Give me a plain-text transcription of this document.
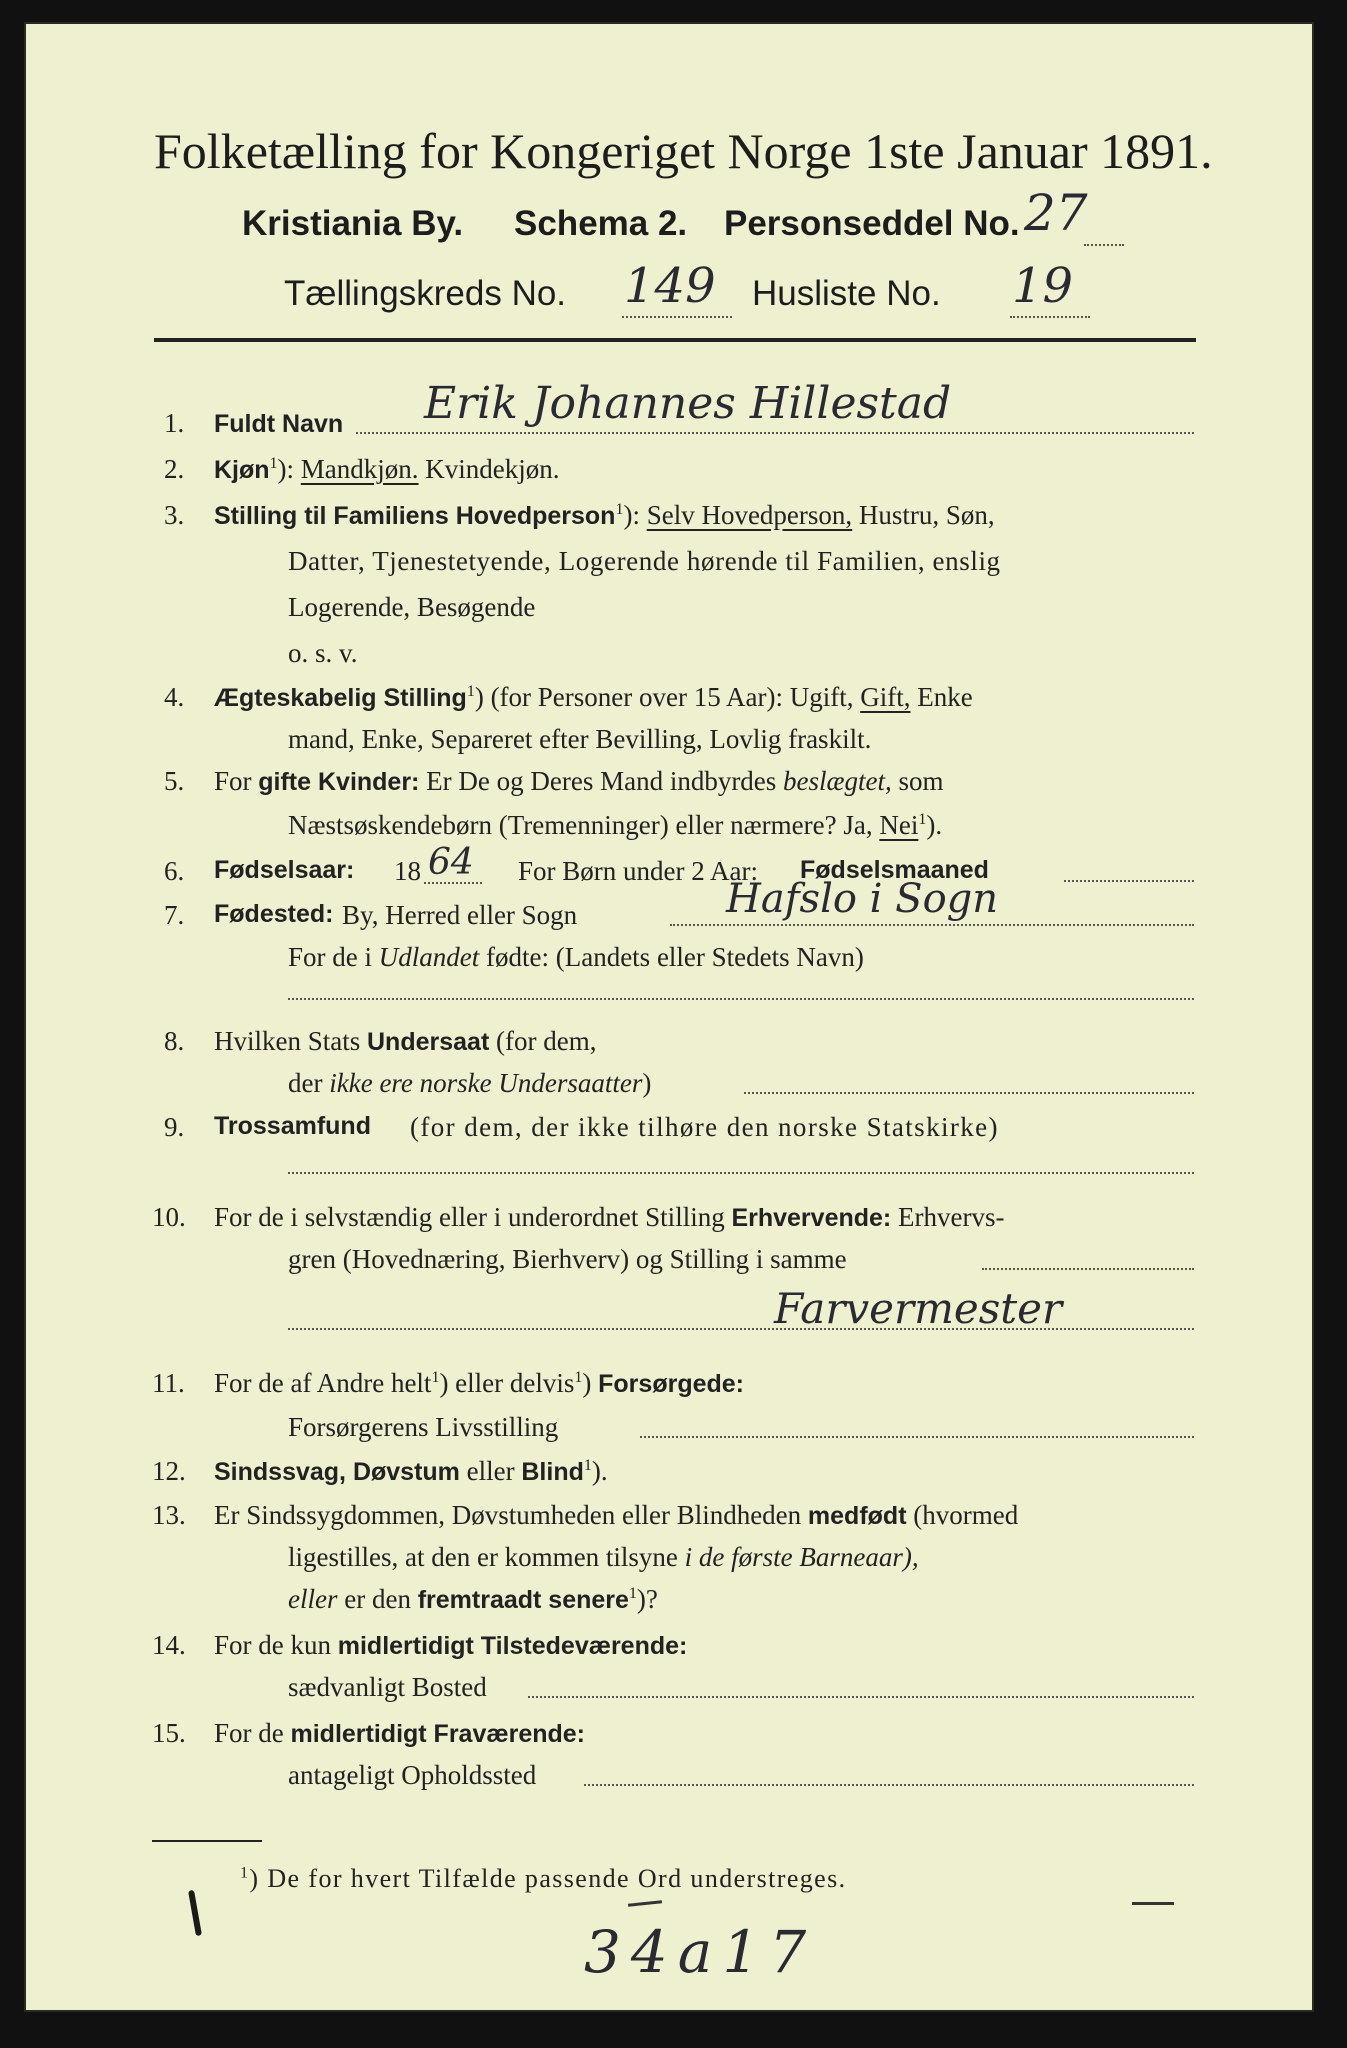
Folketælling for Kongeriget Norge 1ste Januar 1891.
Kristiania By. Schema 2. Personseddel No. 27
Tællingskreds No. 149 Husliste No. 19
1. Fuldt Navn Erik Johannes Hillestad
2. Kjøn$^1$): Mandkjøn. Kvindekjøn.
3. Stilling til Familiens Hovedperson$^1$): Selv Hovedperson, Hustru, Søn,
Datter, Tjenestetyende, Logerende hørende til Familien, enslig
Logerende, Besøgende
o. s. v.
4. Ægteskabelig Stilling$^1$) (for Personer over 15 Aar): Ugift, Gift, Enke
mand, Enke, Separeret efter Bevilling, Lovlig fraskilt.
5. For gifte Kvinder: Er De og Deres Mand indbyrdes beslægtet, som
Næstsøskendebørn (Tremenninger) eller nærmere? Ja, Nei$^1$).
6. Fødselsaar: 18 64 For Børn under 2 Aar: Fødselsmaaned
7. Fødested: By, Herred eller Sogn	Hafslo i Sogn
For de i Udlandet fødte: (Landets eller Stedets Navn)
8. Hvilken Stats Undersaat (for dem,
der ikke ere norske Undersaatter)
9. Trossamfund (for dem, der ikke tilhøre den norske Statskirke)
10. For de i selvstændig eller i underordnet Stilling Erhvervende: Erhvervs-
gren (Hovednæring, Bierhverv) og Stilling i samme
Farvermester
11. For de af Andre helt$^1$) eller delvis$^1$) Forsørgede:
Forsørgerens Livsstilling
12. Sindssvag, Døvstum eller Blind$^1$).
13. Er Sindssygdommen, Døvstumheden eller Blindheden medfødt (hvormed
ligestilles, at den er kommen tilsyne i de første Barneaar),
eller er den fremtraadt senere$^1$)?
14. For de kun midlertidigt Tilstedeværende:
sædvanligt Bosted
15. For de midlertidigt Fraværende:
antageligt Opholdssted
$^1$) De for hvert Tilfælde passende Ord understreges.
34a17
